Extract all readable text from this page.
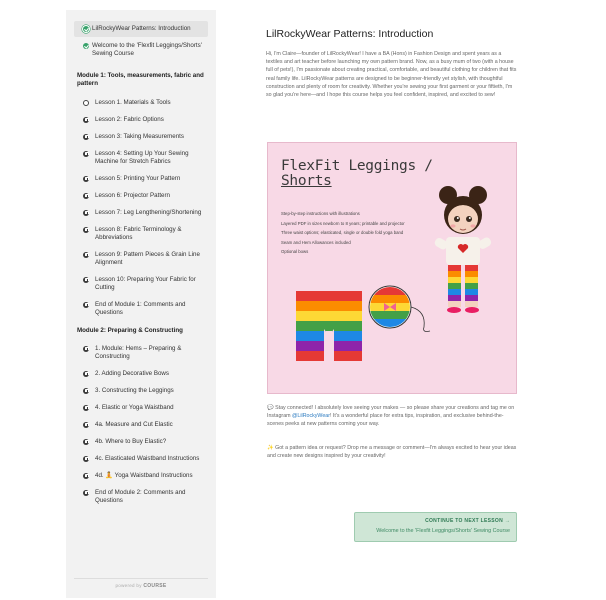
LilRockyWear Patterns: Introduction
Welcome to the 'Flexfit Leggings/Shorts' Sewing Course
Module 1: Tools, measurements, fabric and pattern
Lesson 1. Materials & Tools
Lesson 2: Fabric Options
Lesson 3: Taking Measurements
Lesson 4: Setting Up Your Sewing Machine for Stretch Fabrics
Lesson 5: Printing Your Pattern
Lesson 6: Projector Pattern
Lesson 7: Leg Lengthening/Shortening
Lesson 8: Fabric Terminology & Abbreviations
Lesson 9: Pattern Pieces & Grain Line Alignment
Lesson 10: Preparing Your Fabric for Cutting
End of Module 1: Comments and Questions
Module 2: Preparing & Constructing
1. Module: Hems – Preparing & Constructing
2. Adding Decorative Bows
3. Constructing the Leggings
4. Elastic or Yoga Waistband
4a. Measure and Cut Elastic
4b. Where to Buy Elastic?
4c. Elasticated Waistband Instructions
4d. 🧘 Yoga Waistband Instructions
End of Module 2: Comments and Questions
powered by COURSE
LilRockyWear Patterns: Introduction

Hi, I'm Claire—founder of LilRockyWear! I have a BA (Hons) in Fashion Design and spent years as a textiles and art teacher before launching my own pattern brand. Now, as a busy mum of two (with a house full of pets!), I'm passionate about creating practical, comfortable, and beautiful clothing for children that fits real family life. LilRockyWear patterns are designed to be beginner-friendly yet stylish, with thoughtful construction and plenty of room for creativity. Whether you're sewing your first garment or your fiftieth, I'm so glad you're here—and I hope this course helps you feel confident, inspired, and excited to sew!

FlexFit Leggings /
Shorts
Step-by-step instructions with illustrations
Layered PDF in sizes newborn to 8 years; printable and projector
Three waist options; elasticated, single or double fold yoga band
Seam and Hem Allowances included
Optional bows

💬 Stay connected! I absolutely love seeing your makes — so please share your creations and tag me on Instagram @LilRockyWear! It's a wonderful place for extra tips, inspiration, and exclusive behind-the-scenes peeks at new patterns coming your way.

✨ Got a pattern idea or request? Drop me a message or comment—I'm always excited to hear your ideas and create new designs inspired by your creativity!

CONTINUE TO NEXT LESSON →
Welcome to the 'Flexfit Leggings/Shorts' Sewing Course
